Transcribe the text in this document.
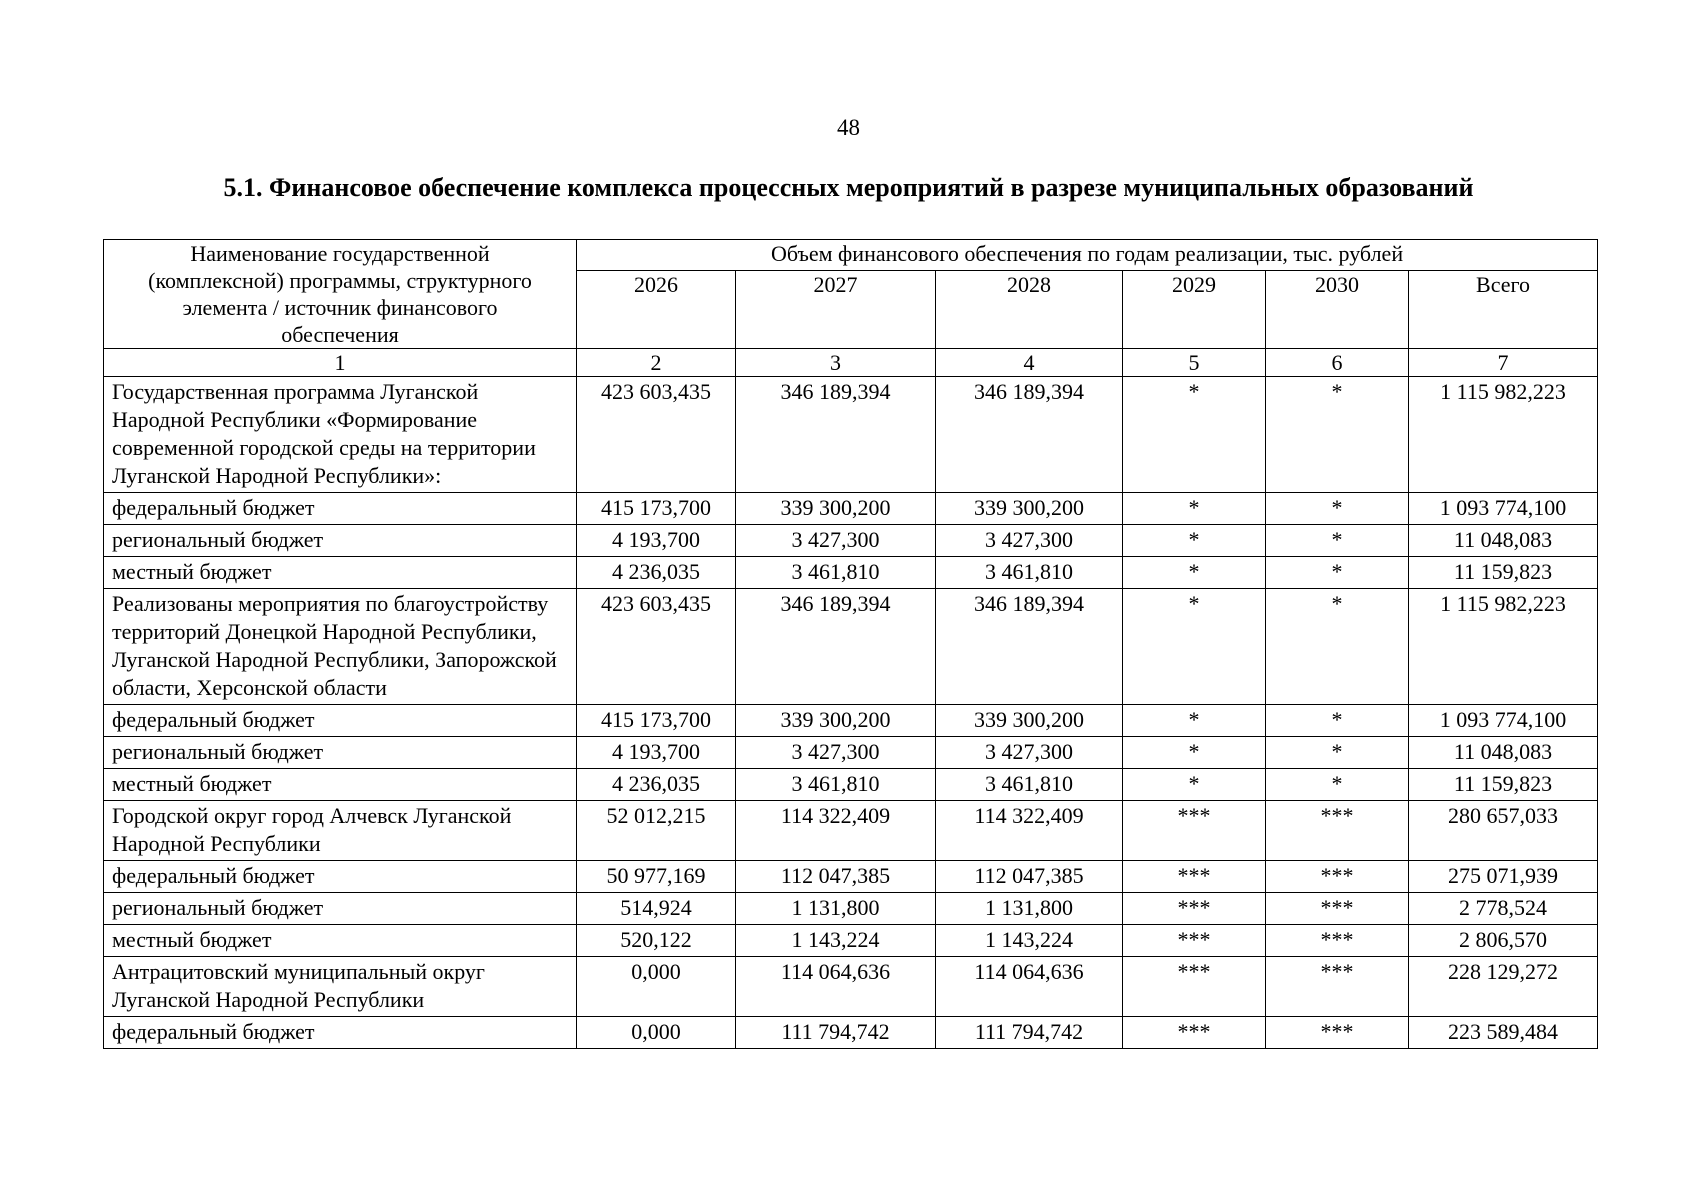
48
5.1. Финансовое обеспечение комплекса процессных мероприятий в разрезе муниципальных образований
Наименование государственной (комплексной) программы, структурного элемента / источник финансового обеспечения	Объем финансового обеспечения по годам реализации, тыс. рублей					
	2026	2027	2028	2029	2030	Всего
1	2	3	4	5	6	7
Государственная программа Луганской Народной Республики «Формирование современной городской среды на территории Луганской Народной Республики»:	423 603,435	346 189,394	346 189,394	*	*	1 115 982,223
федеральный бюджет	415 173,700	339 300,200	339 300,200	*	*	1 093 774,100
региональный бюджет	4 193,700	3 427,300	3 427,300	*	*	11 048,083
местный бюджет	4 236,035	3 461,810	3 461,810	*	*	11 159,823
Реализованы мероприятия по благоустройству территорий Донецкой Народной Республики, Луганской Народной Республики, Запорожской области, Херсонской области	423 603,435	346 189,394	346 189,394	*	*	1 115 982,223
федеральный бюджет	415 173,700	339 300,200	339 300,200	*	*	1 093 774,100
региональный бюджет	4 193,700	3 427,300	3 427,300	*	*	11 048,083
местный бюджет	4 236,035	3 461,810	3 461,810	*	*	11 159,823
Городской округ город Алчевск Луганской Народной Республики	52 012,215	114 322,409	114 322,409	***	***	280 657,033
федеральный бюджет	50 977,169	112 047,385	112 047,385	***	***	275 071,939
региональный бюджет	514,924	1 131,800	1 131,800	***	***	2 778,524
местный бюджет	520,122	1 143,224	1 143,224	***	***	2 806,570
Антрацитовский муниципальный округ Луганской Народной Республики	0,000	114 064,636	114 064,636	***	***	228 129,272
федеральный бюджет	0,000	111 794,742	111 794,742	***	***	223 589,484
